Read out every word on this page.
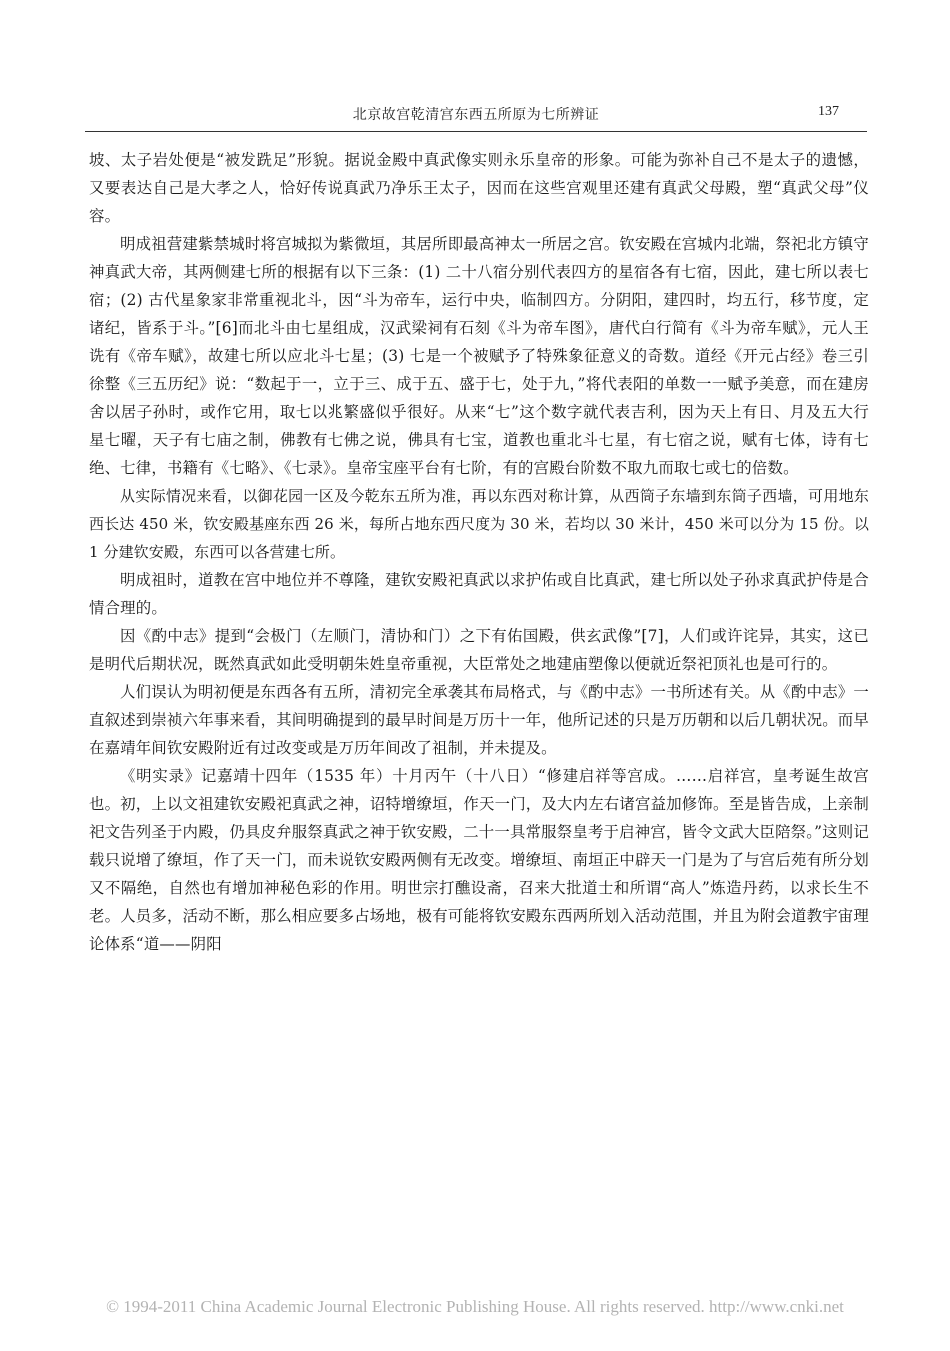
北京故宫乾清宫东西五所原为七所辨证	137

坡、太子岩处便是“被发跣足”形貌。据说金殿中真武像实则永乐皇帝的形象。可能为弥补自己不是太子的遗憾，又要表达自己是大孝之人，恰好传说真武乃净乐王太子，因而在这些宫观里还建有真武父母殿，塑“真武父母”仪容。

明成祖营建紫禁城时将宫城拟为紫微垣，其居所即最高神太一所居之宫。钦安殿在宫城内北端，祭祀北方镇守神真武大帝，其两侧建七所的根据有以下三条：(1) 二十八宿分别代表四方的星宿各有七宿，因此，建七所以表七宿；(2) 古代星象家非常重视北斗，因“斗为帝车，运行中央，临制四方。分阴阳，建四时，均五行，移节度，定诸纪，皆系于斗。”[6]而北斗由七星组成，汉武梁祠有石刻《斗为帝车图》，唐代白行简有《斗为帝车赋》，元人王诜有《帝车赋》，故建七所以应北斗七星；(3) 七是一个被赋予了特殊象征意义的奇数。道经《开元占经》卷三引徐整《三五历纪》说：“数起于一，立于三、成于五、盛于七，处于九，”将代表阳的单数一一赋予美意，而在建房舍以居子孙时，或作它用，取七以兆繁盛似乎很好。从来“七”这个数字就代表吉利，因为天上有日、月及五大行星七曜，天子有七庙之制，佛教有七佛之说，佛具有七宝，道教也重北斗七星，有七宿之说，赋有七体，诗有七绝、七律，书籍有《七略》、《七录》。皇帝宝座平台有七阶，有的宫殿台阶数不取九而取七或七的倍数。

从实际情况来看，以御花园一区及今乾东五所为准，再以东西对称计算，从西筒子东墙到东筒子西墙，可用地东西长达 450 米，钦安殿基座东西 26 米，每所占地东西尺度为 30 米，若均以 30 米计，450 米可以分为 15 份。以 1 分建钦安殿，东西可以各营建七所。

明成祖时，道教在宫中地位并不尊隆，建钦安殿祀真武以求护佑或自比真武，建七所以处子孙求真武护侍是合情合理的。

因《酌中志》提到“会极门（左顺门，清协和门）之下有佑国殿，供玄武像”[7]，人们或许诧异，其实，这已是明代后期状况，既然真武如此受明朝朱姓皇帝重视，大臣常处之地建庙塑像以便就近祭祀顶礼也是可行的。

人们误认为明初便是东西各有五所，清初完全承袭其布局格式，与《酌中志》一书所述有关。从《酌中志》一直叙述到崇祯六年事来看，其间明确提到的最早时间是万历十一年，他所记述的只是万历朝和以后几朝状况。而早在嘉靖年间钦安殿附近有过改变或是万历年间改了祖制，并未提及。

《明实录》记嘉靖十四年（1535 年）十月丙午（十八日）“修建启祥等宫成。……启祥宫，皇考诞生故宫也。初，上以文祖建钦安殿祀真武之神，诏特增缭垣，作天一门，及大内左右诸宫益加修饰。至是皆告成，上亲制祀文告列圣于内殿，仍具皮弁服祭真武之神于钦安殿，二十一具常服祭皇考于启神宫，皆令文武大臣陪祭。”这则记载只说增了缭垣，作了天一门，而未说钦安殿两侧有无改变。增缭垣、南垣正中辟天一门是为了与宫后苑有所分划又不隔绝，自然也有增加神秘色彩的作用。明世宗打醮设斋，召来大批道士和所谓“高人”炼造丹药，以求长生不老。人员多，活动不断，那么相应要多占场地，极有可能将钦安殿东西两所划入活动范围，并且为附会道教宇宙理论体系“道——阴阳

© 1994-2011 China Academic Journal Electronic Publishing House. All rights reserved. http://www.cnki.net
